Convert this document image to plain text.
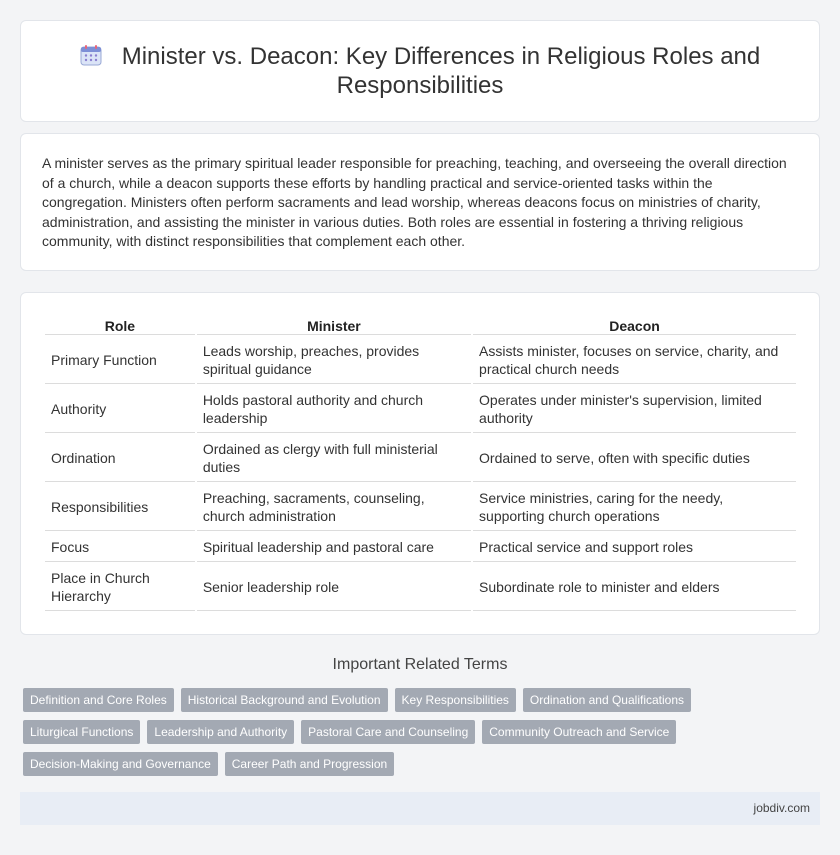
Minister vs. Deacon: Key Differences in Religious Roles and Responsibilities

A minister serves as the primary spiritual leader responsible for preaching, teaching, and overseeing the overall direction of a church, while a deacon supports these efforts by handling practical and service-oriented tasks within the congregation. Ministers often perform sacraments and lead worship, whereas deacons focus on ministries of charity, administration, and assisting the minister in various duties. Both roles are essential in fostering a thriving religious community, with distinct responsibilities that complement each other.

Role	Minister	Deacon
Primary Function	Leads worship, preaches, provides spiritual guidance	Assists minister, focuses on service, charity, and practical church needs
Authority	Holds pastoral authority and church leadership	Operates under minister's supervision, limited authority
Ordination	Ordained as clergy with full ministerial duties	Ordained to serve, often with specific duties
Responsibilities	Preaching, sacraments, counseling, church administration	Service ministries, caring for the needy, supporting church operations
Focus	Spiritual leadership and pastoral care	Practical service and support roles
Place in Church Hierarchy	Senior leadership role	Subordinate role to minister and elders
Important Related Terms
Definition and Core Roles	Historical Background and Evolution	Key Responsibilities	Ordination and Qualifications
Liturgical Functions	Leadership and Authority	Pastoral Care and Counseling	Community Outreach and Service
Decision-Making and Governance	Career Path and Progression
jobdiv.com
